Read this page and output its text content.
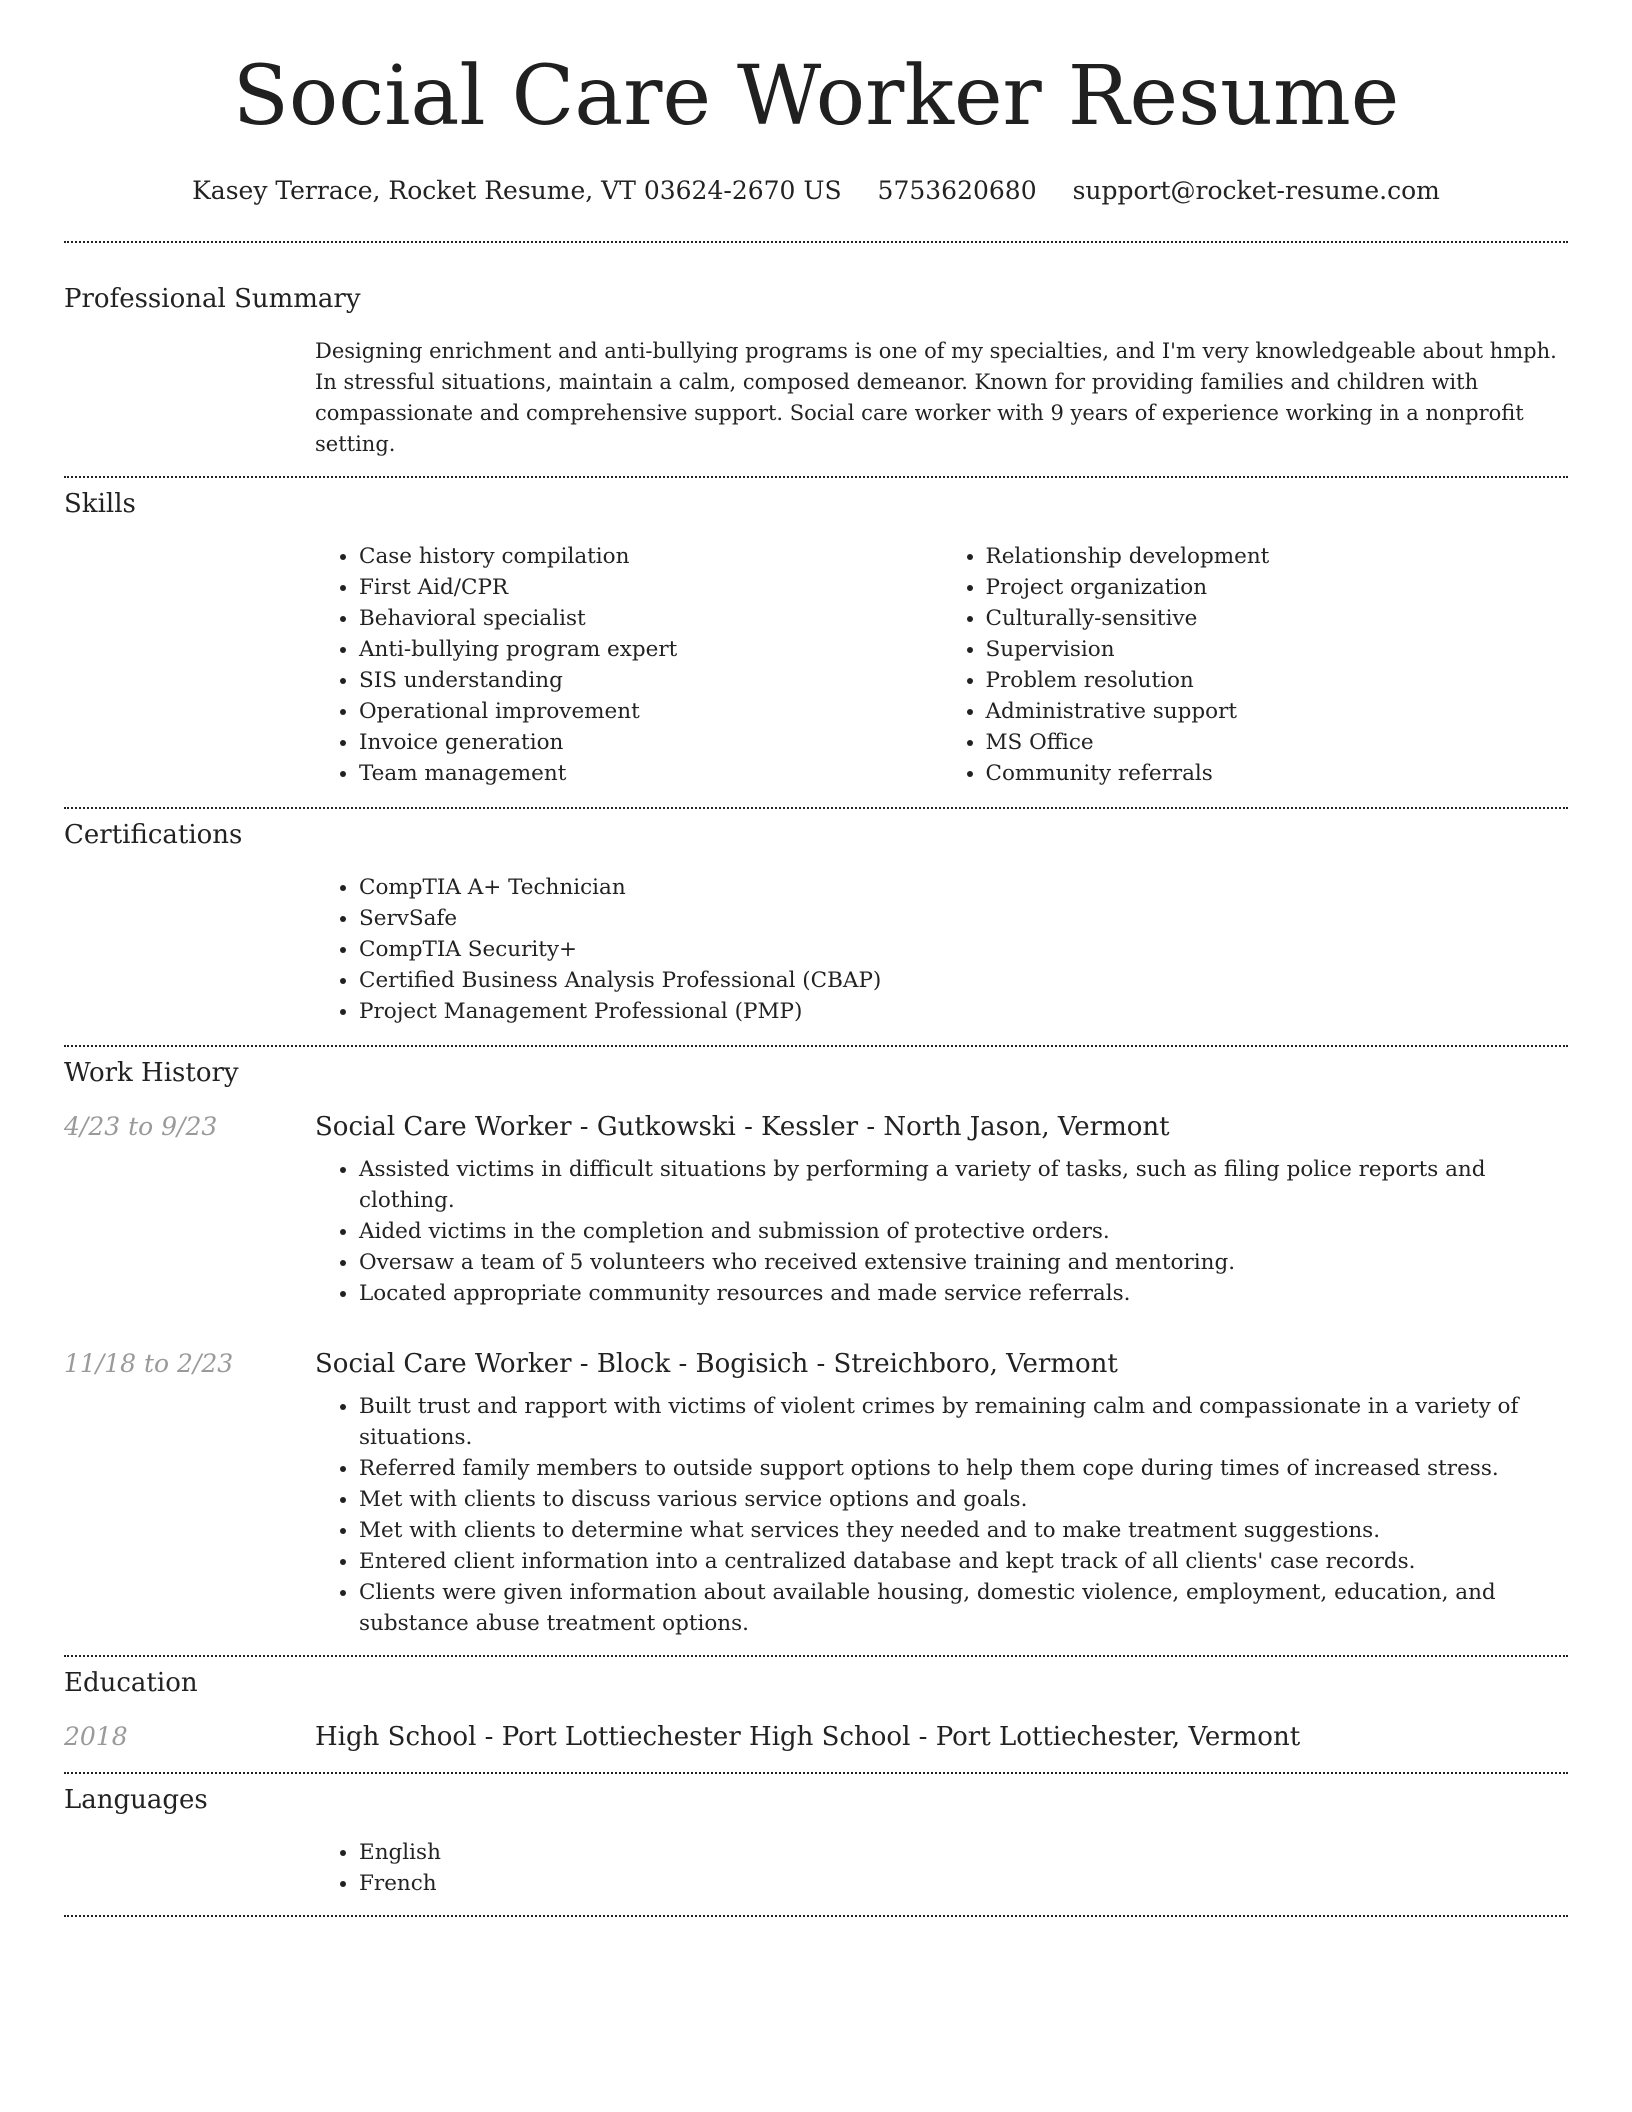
Social Care Worker Resume
Kasey Terrace, Rocket Resume, VT 03624-2670 US 5753620680 support@rocket-resume.com
Professional Summary

Designing enrichment and anti-bullying programs is one of my specialties, and I'm very knowledgeable about hmph. In stressful situations, maintain a calm, composed demeanor. Known for providing families and children with compassionate and comprehensive support. Social care worker with 9 years of experience working in a nonprofit setting.

Skills
• Case history compilation
• First Aid/CPR
• Behavioral specialist
• Anti-bullying program expert
• SIS understanding
• Operational improvement
• Invoice generation
• Team management
• Relationship development
• Project organization
• Culturally-sensitive
• Supervision
• Problem resolution
• Administrative support
• MS Office
• Community referrals
Certifications
• CompTIA A+ Technician
• ServSafe
• CompTIA Security+
• Certified Business Analysis Professional (CBAP)
• Project Management Professional (PMP)
Work History
4/23 to 9/23	Social Care Worker - Gutkowski - Kessler - North Jason, Vermont
• Assisted victims in difficult situations by performing a variety of tasks, such as filing police reports and clothing.
• Aided victims in the completion and submission of protective orders.
• Oversaw a team of 5 volunteers who received extensive training and mentoring.
• Located appropriate community resources and made service referrals.
11/18 to 2/23	Social Care Worker - Block - Bogisich - Streichboro, Vermont
• Built trust and rapport with victims of violent crimes by remaining calm and compassionate in a variety of situations.
• Referred family members to outside support options to help them cope during times of increased stress.
• Met with clients to discuss various service options and goals.
• Met with clients to determine what services they needed and to make treatment suggestions.
• Entered client information into a centralized database and kept track of all clients' case records.
• Clients were given information about available housing, domestic violence, employment, education, and substance abuse treatment options.
Education
2018	High School - Port Lottiechester High School - Port Lottiechester, Vermont
Languages
• English
• French
